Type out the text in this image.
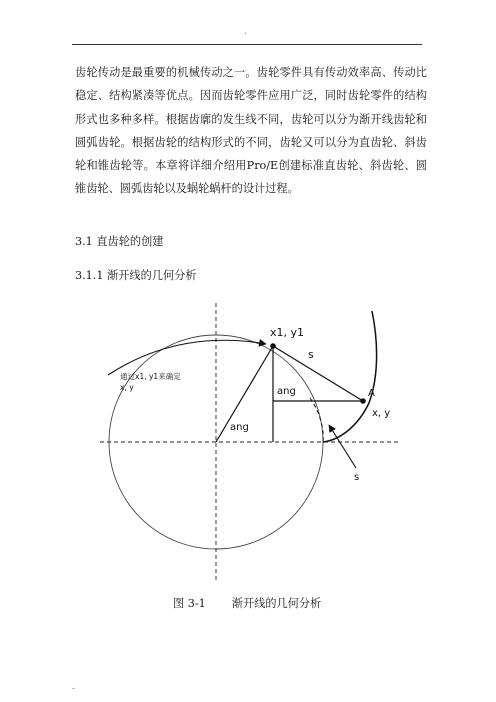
.

齿轮传动是最重要的机械传动之一。齿轮零件具有传动效率高、传动比稳定、结构紧凑等优点。因而齿轮零件应用广泛，同时齿轮零件的结构形式也多种多样。根据齿廓的发生线不同，齿轮可以分为渐开线齿轮和圆弧齿轮。根据齿轮的结构形式的不同，齿轮又可以分为直齿轮、斜齿轮和锥齿轮等。本章将详细介绍用Pro/E创建标准直齿轮、斜齿轮、圆锥齿轮、圆弧齿轮以及蜗轮蜗杆的设计过程。

3.1 直齿轮的创建
3.1.1 渐开线的几何分析
x1, y1
s
ang
ang
A
x, y
s
通过x1, y1来确定
x, y
图 3-1 渐开线的几何分析
-
